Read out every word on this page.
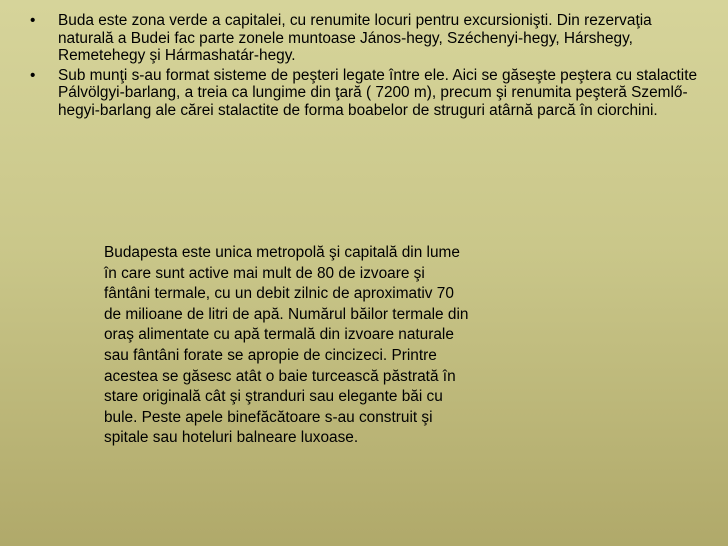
• Buda este zona verde a capitalei, cu renumite locuri pentru excursionişti. Din rezervaţia naturală a Budei fac parte zonele muntoase János-hegy, Széchenyi-hegy, Hárshegy, Remetehegy şi Hármashatár-hegy.
• Sub munţi s-au format sisteme de peşteri legate între ele. Aici se găseşte peştera cu stalactite Pálvölgyi-barlang, a treia ca lungime din ţară ( 7200 m), precum şi renumita peşteră Szemlő-hegyi-barlang ale cărei stalactite de forma boabelor de struguri atârnă parcă în ciorchini.
Budapesta este unica metropolă şi capitală din lume
în care sunt active mai mult de 80 de izvoare şi
fântâni termale, cu un debit zilnic de aproximativ 70
de milioane de litri de apă. Numărul băilor termale din
oraş alimentate cu apă termală din izvoare naturale
sau fântâni forate se apropie de cincizeci. Printre
acestea se găsesc atât o baie turcească păstrată în
stare originală cât şi ştranduri sau elegante băi cu
bule. Peste apele binefăcătoare s-au construit şi
spitale sau hoteluri balneare luxoase.
